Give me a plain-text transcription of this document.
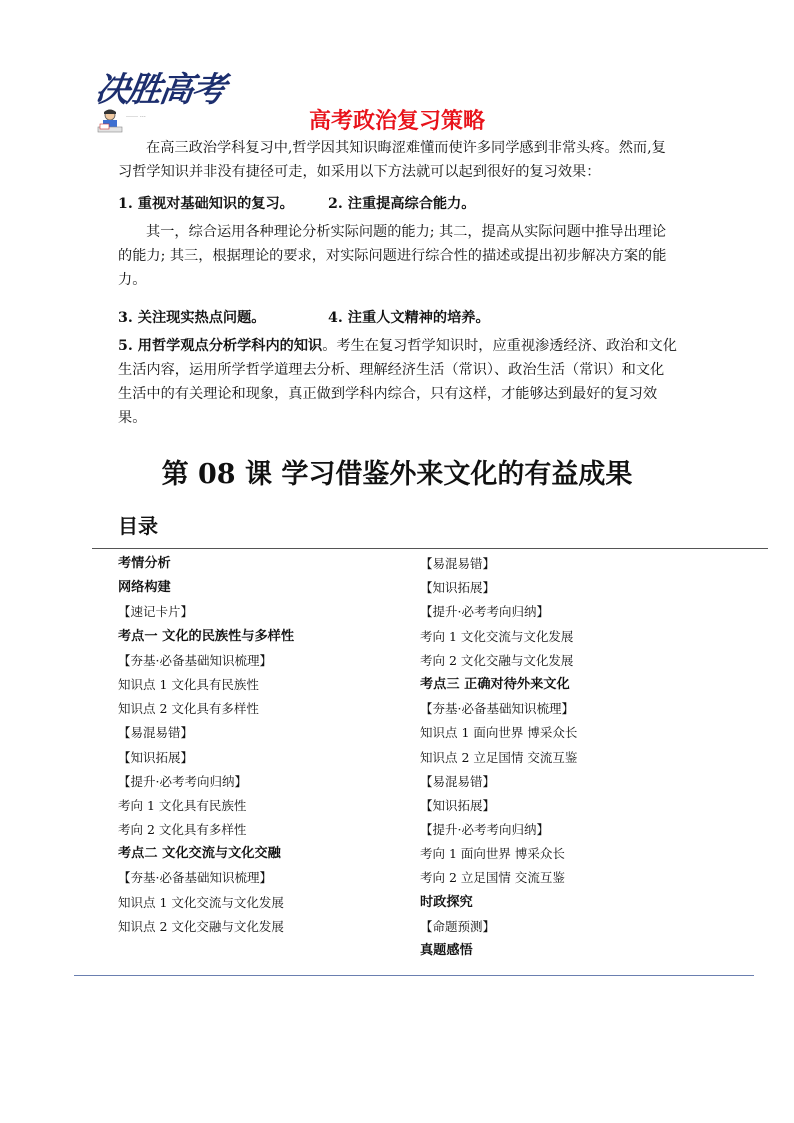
决胜高考
…… …	高考政治复习策略
在高三政治学科复习中,哲学因其知识晦涩难懂而使许多同学感到非常头疼。然而,复习哲学知识并非没有捷径可走，如采用以下方法就可以起到很好的复习效果：
1. 重视对基础知识的复习。 2. 注重提高综合能力。
其一，综合运用各种理论分析实际问题的能力; 其二，提高从实际问题中推导出理论的能力; 其三，根据理论的要求，对实际问题进行综合性的描述或提出初步解决方案的能力。
3. 关注现实热点问题。	4. 注重人文精神的培养。
5. 用哲学观点分析学科内的知识。考生在复习哲学知识时，应重视渗透经济、政治和文化生活内容，运用所学哲学道理去分析、理解经济生活（常识）、政治生活（常识）和文化生活中的有关理论和现象，真正做到学科内综合，只有这样，才能够达到最好的复习效果。
第 08 课 学习借鉴外来文化的有益成果
目录
考情分析
网络构建
【速记卡片】
考点一 文化的民族性与多样性
【夯基·必备基础知识梳理】
知识点 1 文化具有民族性
知识点 2 文化具有多样性
【易混易错】
【知识拓展】
【提升·必考考向归纳】
考向 1 文化具有民族性
考向 2 文化具有多样性
考点二 文化交流与文化交融
【夯基·必备基础知识梳理】
知识点 1 文化交流与文化发展
知识点 2 文化交融与文化发展
【易混易错】
【知识拓展】
【提升·必考考向归纳】
考向 1 文化交流与文化发展
考向 2 文化交融与文化发展
考点三 正确对待外来文化
【夯基·必备基础知识梳理】
知识点 1 面向世界 博采众长
知识点 2 立足国情 交流互鉴
【易混易错】
【知识拓展】
【提升·必考考向归纳】
考向 1 面向世界 博采众长
考向 2 立足国情 交流互鉴
时政探究
【命题预测】
真题感悟
